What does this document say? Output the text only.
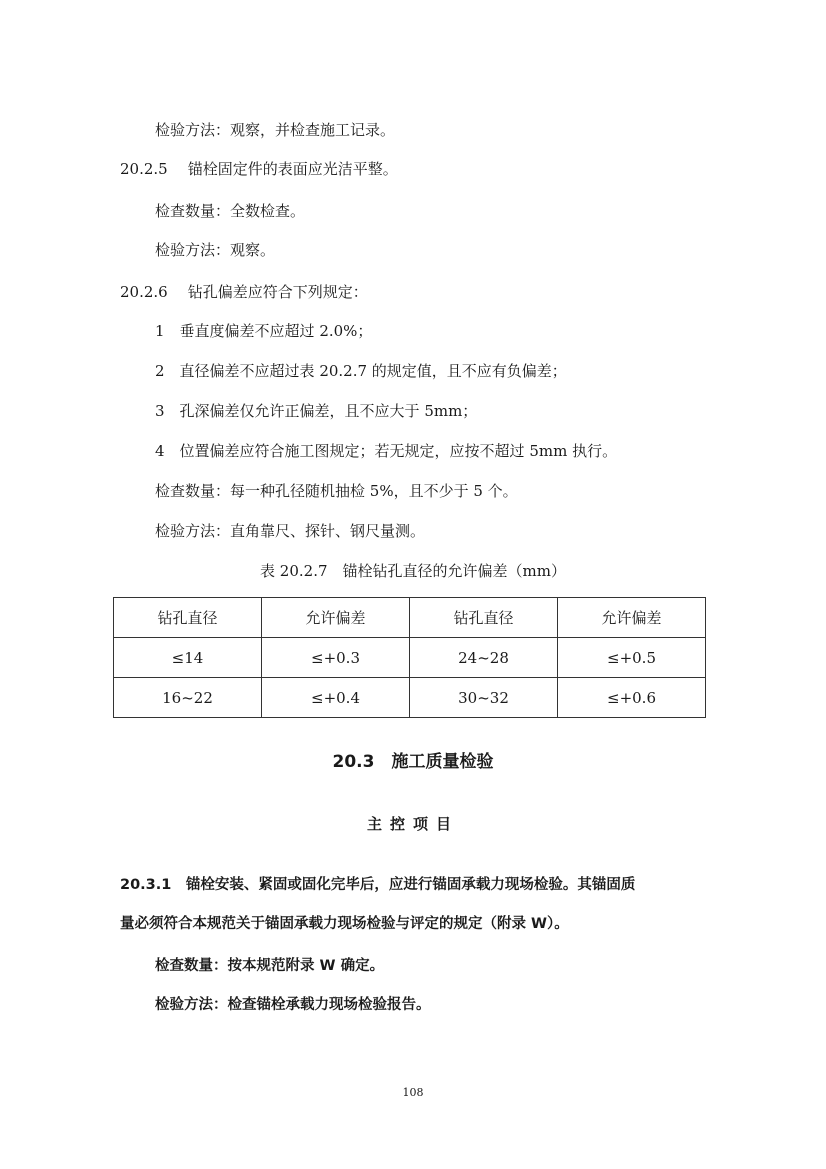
检验方法：观察，并检查施工记录。
20.2.5 锚栓固定件的表面应光洁平整。
检查数量：全数检查。
检验方法：观察。
20.2.6 钻孔偏差应符合下列规定：
1　垂直度偏差不应超过 2.0%；
2　直径偏差不应超过表 20.2.7 的规定值，且不应有负偏差；
3　孔深偏差仅允许正偏差，且不应大于 5mm；
4　位置偏差应符合施工图规定；若无规定，应按不超过 5mm 执行。
检查数量：每一种孔径随机抽检 5%，且不少于 5 个。
检验方法：直角靠尺、探针、钢尺量测。
表 20.2.7　锚栓钻孔直径的允许偏差（mm）
钻孔直径	允许偏差	钻孔直径	允许偏差
≤14	≤+0.3	24~28	≤+0.5
16~22	≤+0.4	30~32	≤+0.6
20.3　施工质量检验
主控项目
20.3.1　锚栓安装、紧固或固化完毕后，应进行锚固承载力现场检验。其锚固质
量必须符合本规范关于锚固承载力现场检验与评定的规定（附录 W）。
检查数量：按本规范附录 W 确定。
检验方法：检查锚栓承载力现场检验报告。
108
